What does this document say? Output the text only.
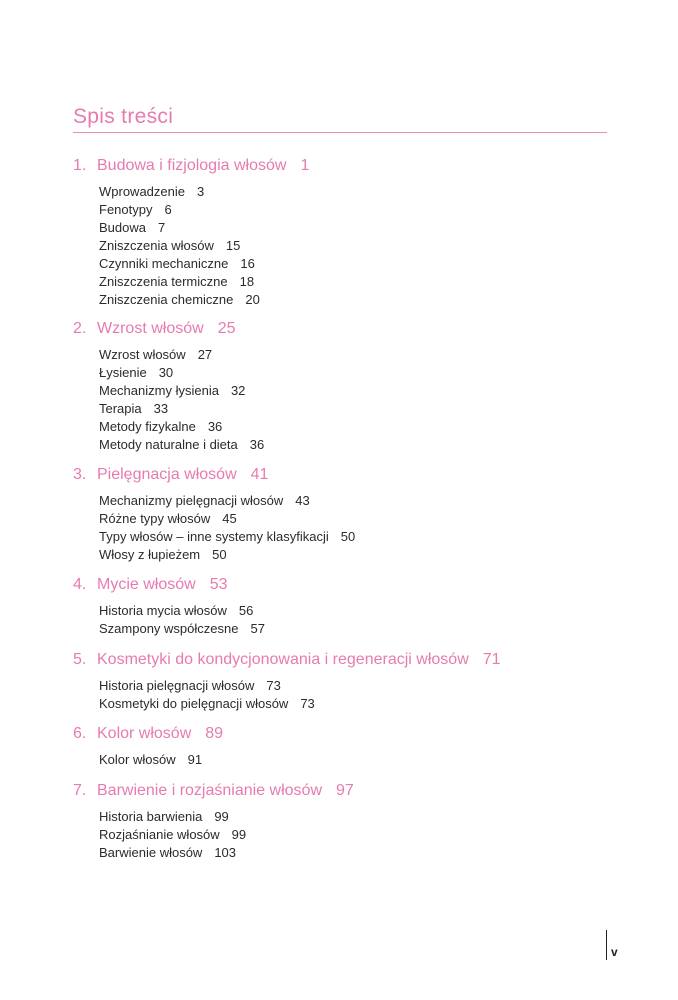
Spis treści
1. Budowa i fizjologia włosów 1
Wprowadzenie 3
Fenotypy 6
Budowa 7
Zniszczenia włosów 15
Czynniki mechaniczne 16
Zniszczenia termiczne 18
Zniszczenia chemiczne 20
2. Wzrost włosów 25
Wzrost włosów 27
Łysienie 30
Mechanizmy łysienia 32
Terapia 33
Metody fizykalne 36
Metody naturalne i dieta 36
3. Pielęgnacja włosów 41
Mechanizmy pielęgnacji włosów 43
Różne typy włosów 45
Typy włosów – inne systemy klasyfikacji 50
Włosy z łupieżem 50
4. Mycie włosów 53
Historia mycia włosów 56
Szampony współczesne 57
5. Kosmetyki do kondycjonowania i regeneracji włosów 71
Historia pielęgnacji włosów 73
Kosmetyki do pielęgnacji włosów 73
6. Kolor włosów 89
Kolor włosów 91
7. Barwienie i rozjaśnianie włosów 97
Historia barwienia 99
Rozjaśnianie włosów 99
Barwienie włosów 103
v
